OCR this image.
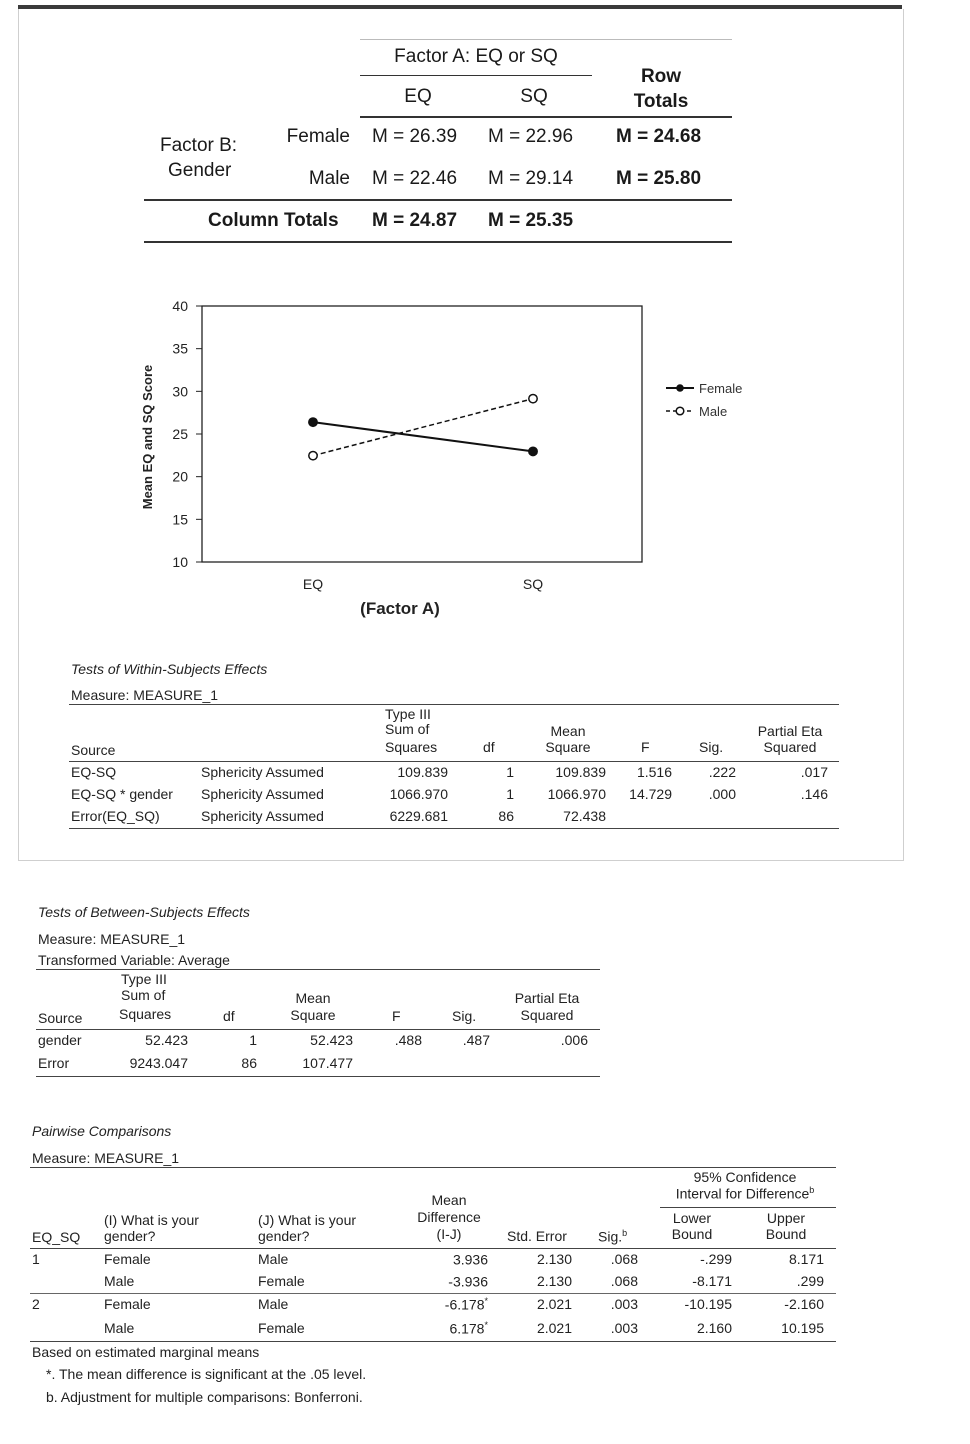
Factor A: EQ or SQ
Row
Totals
EQ	SQ
Factor B:
Gender
Female M = 26.39 M = 22.96 M = 24.68
Male M = 22.46 M = 29.14 M = 25.80
Column Totals M = 24.87 M = 25.35
10
15
20
25
30
35
40
Mean EQ and SQ Score
EQ	SQ
(Factor A)
Female
Male
Tests of Within-Subjects Effects
Measure: MEASURE_1
Type III
Sum of
Squares
Source	df
Mean
Square	F	Sig.
Partial Eta
Squared
EQ-SQ	Sphericity Assumed	109.839	1	109.839	1.516	.222	.017
EQ-SQ * gender Sphericity Assumed	1066.970	1	1066.970	14.729	.000	.146
Error(EQ_SQ)	Sphericity Assumed	6229.681	86	72.438
Tests of Between-Subjects Effects
Measure: MEASURE_1
Transformed Variable: Average
Type III
Sum of
Squares
Source	df
Mean
Square	F	Sig.
Partial Eta
Squared
gender	52.423	1	52.423	.488	.487	.006
Error	9243.047	86	107.477
Pairwise Comparisons
Measure: MEASURE_1
95% Confidence
Interval for Difference$^b$
Mean
Difference
(I-J)
(I) What is your
gender?
(J) What is your
gender?
EQ_SQ	Std. Error Sig.$^b$
Lower
Bound
Upper
Bound
1	Female	Male	3.936	2.130	.068	-.299	8.171
Male	Female	-3.936	2.130	.068	-8.171	.299
2	Female	Male	-6.178*	2.021	.003	-10.195	-2.160
Male	Female	6.178*	2.021	.003	2.160	10.195
Based on estimated marginal means
*. The mean difference is significant at the .05 level.
b. Adjustment for multiple comparisons: Bonferroni.
